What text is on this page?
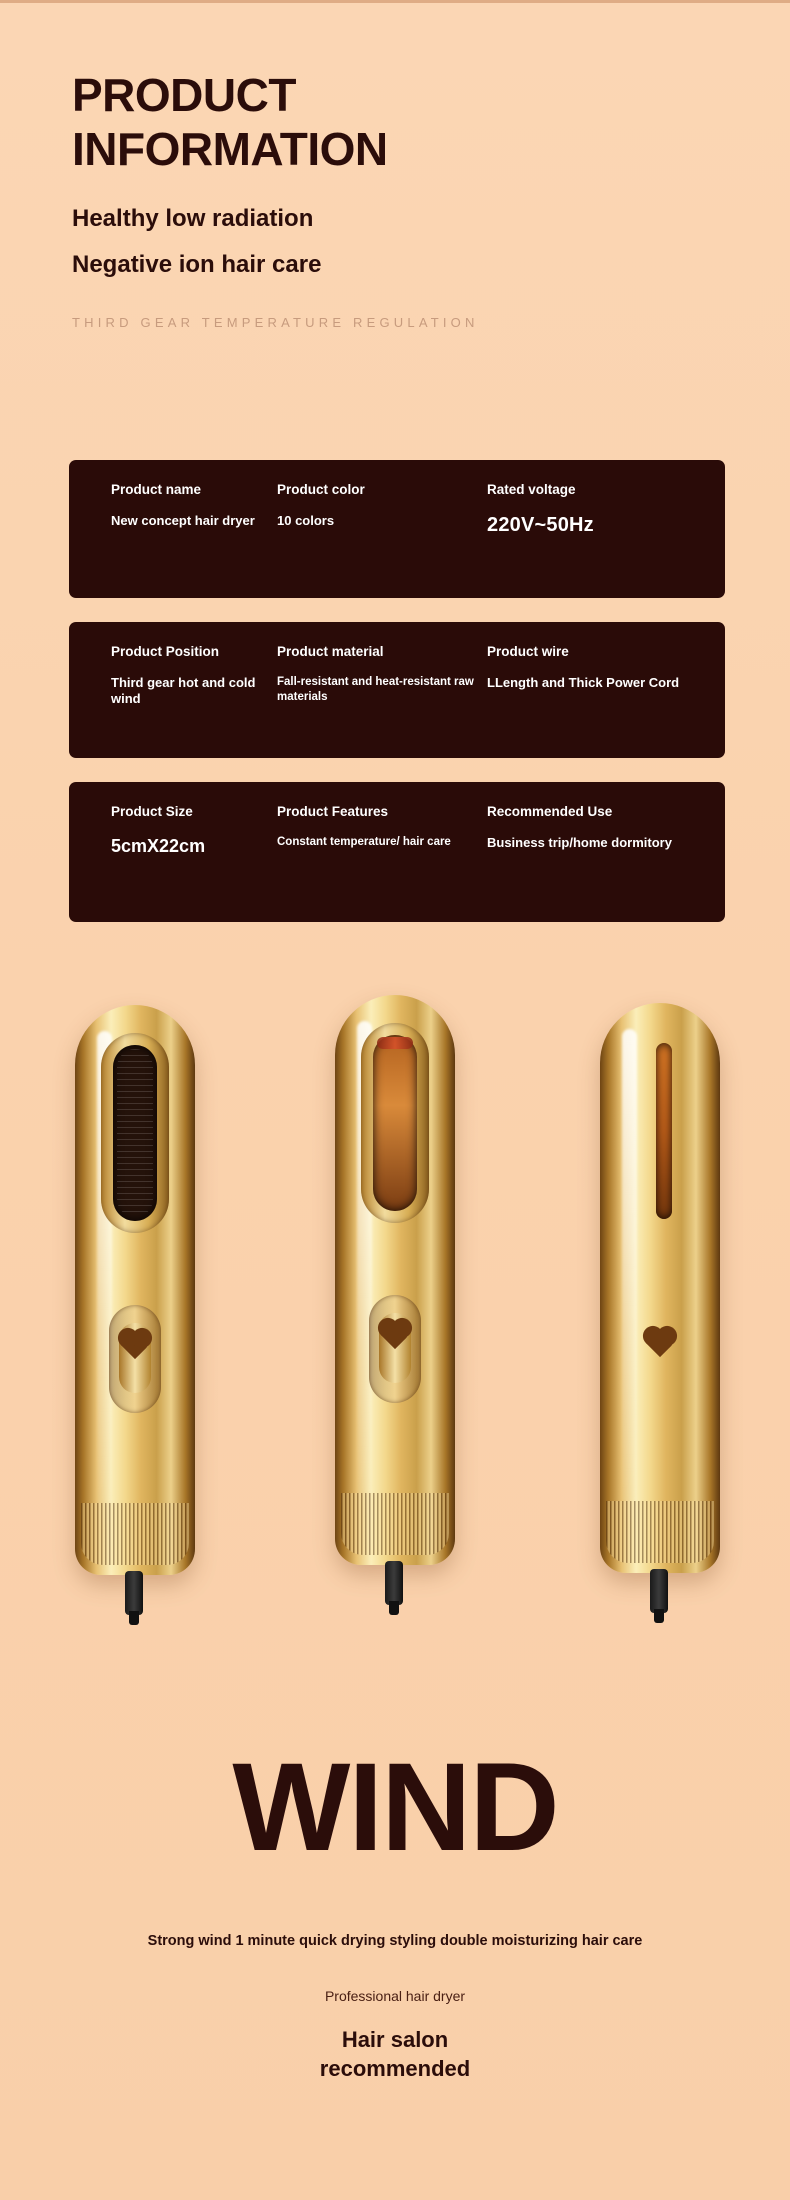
PRODUCT
INFORMATION

Healthy low radiation

Negative ion hair care

THIRD GEAR TEMPERATURE REGULATION

Product name

New concept hair dryer

Product color

10 colors

Rated voltage

220V~50Hz

Product Position

Third gear hot and cold wind

Product material

Fall-resistant and heat-resistant raw materials

Product wire

LLength and Thick Power Cord

Product Size

5cmX22cm

Product Features

Constant temperature/ hair care

Recommended Use

Business trip/home dormitory

WIND
Strong wind 1 minute quick drying styling double moisturizing hair care
Professional hair dryer
Hair salon
recommended
